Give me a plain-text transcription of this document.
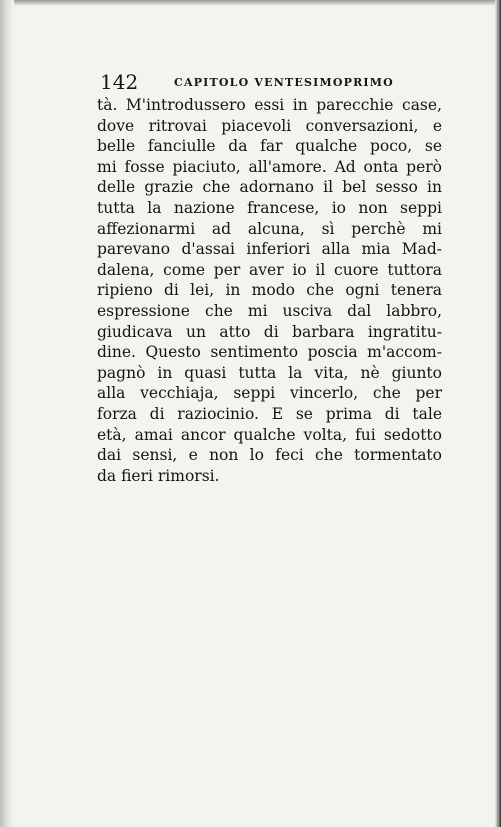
142	CAPITOLO VENTESIMOPRIMO
tà. M'introdussero essi in parecchie case,
dove ritrovai piacevoli conversazioni, e
belle fanciulle da far qualche poco, se
mi fosse piaciuto, all'amore. Ad onta però
delle grazie che adornano il bel sesso in
tutta la nazione francese, io non seppi
affezionarmi ad alcuna, sì perchè mi
parevano d'assai inferiori alla mia Mad-
dalena, come per aver io il cuore tuttora
ripieno di lei, in modo che ogni tenera
espressione che mi usciva dal labbro,
giudicava un atto di barbara ingratitu-
dine. Questo sentimento poscia m'accom-
pagnò in quasi tutta la vita, nè giunto
alla vecchiaja, seppi vincerlo, che per
forza di raziocinio. E se prima di tale
età, amai ancor qualche volta, fui sedotto
dai sensi, e non lo feci che tormentato
da fieri rimorsi.
